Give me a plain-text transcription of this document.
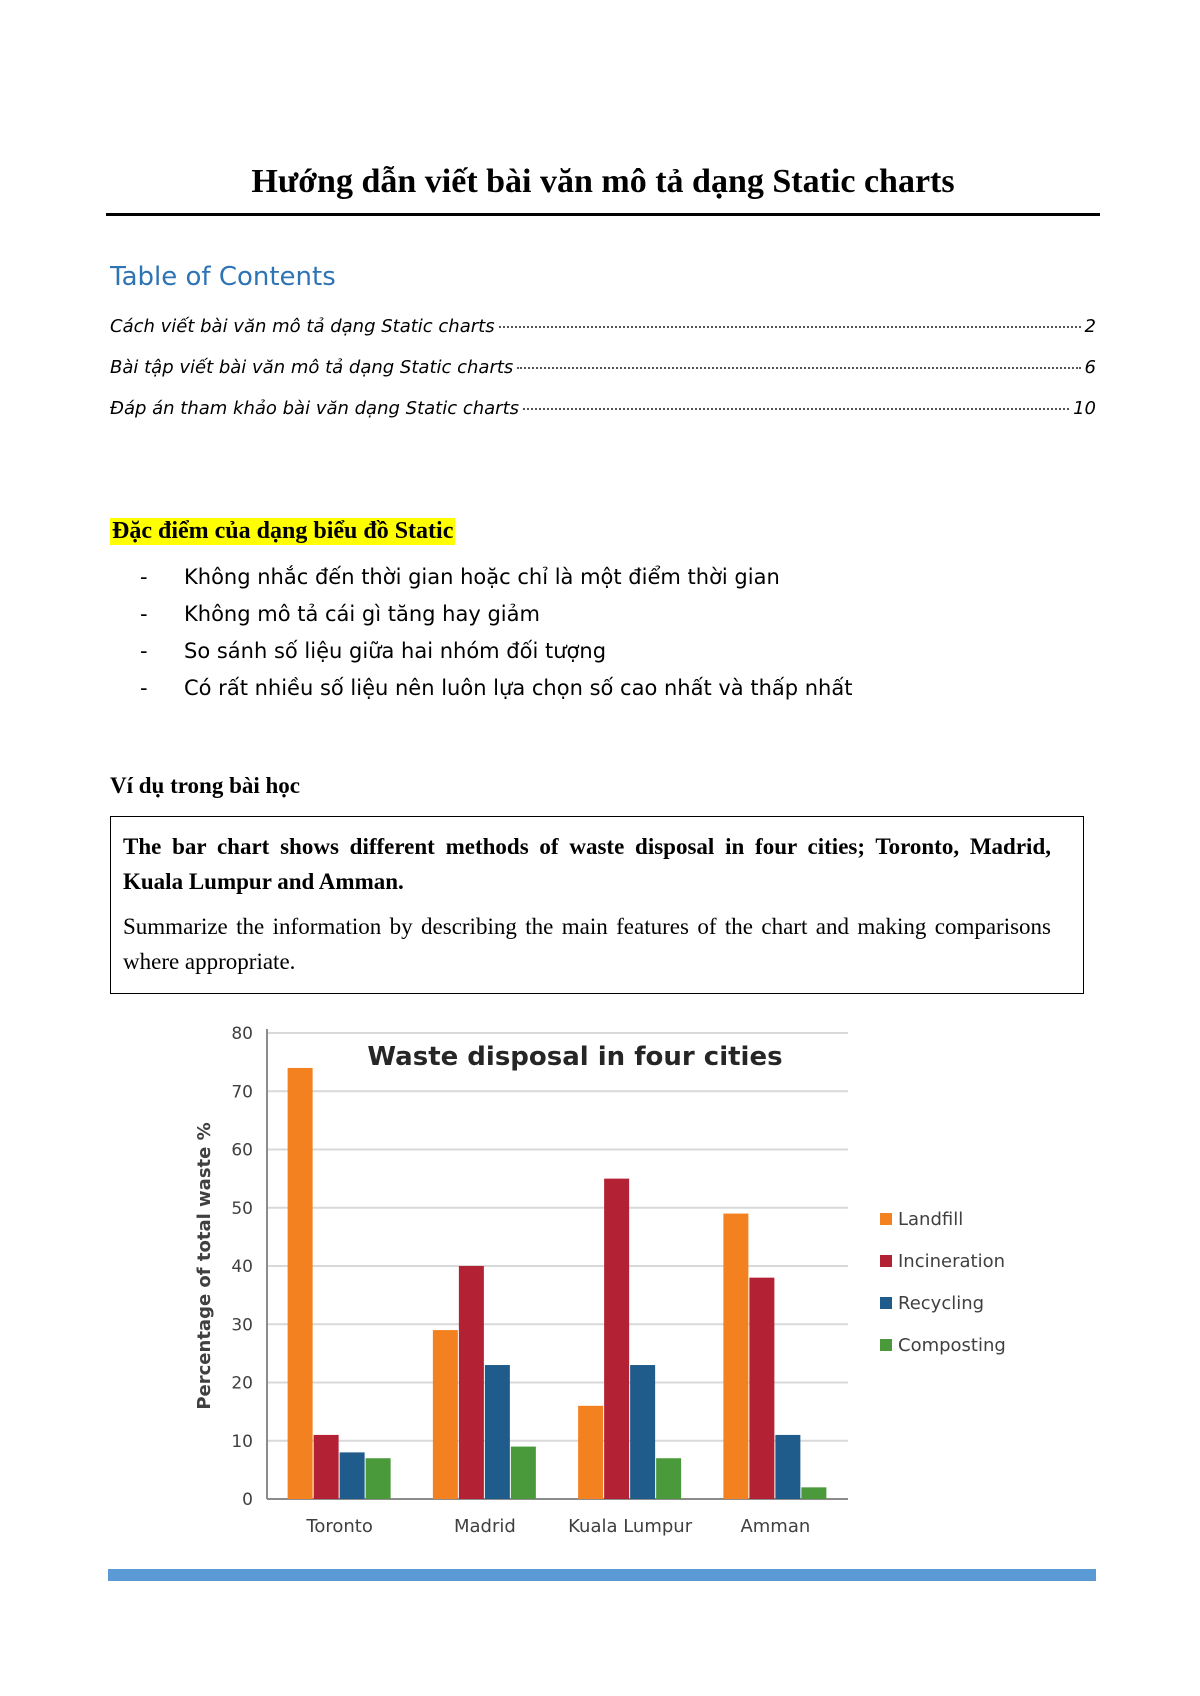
Hướng dẫn viết bài văn mô tả dạng Static charts
Table of Contents
Cách viết bài văn mô tả dạng Static charts	2
Bài tập viết bài văn mô tả dạng Static charts	6
Đáp án tham khảo bài văn dạng Static charts	10
Đặc điểm của dạng biểu đồ Static
-	Không nhắc đến thời gian hoặc chỉ là một điểm thời gian
-	Không mô tả cái gì tăng hay giảm
-	So sánh số liệu giữa hai nhóm đối tượng
-	Có rất nhiều số liệu nên luôn lựa chọn số cao nhất và thấp nhất
Ví dụ trong bài học

The bar chart shows different methods of waste disposal in four cities; Toronto, Madrid, Kuala Lumpur and Amman.

Summarize the information by describing the main features of the chart and making comparisons where appropriate.

0
10
20
30
40
50
60
70
80
Toronto	Madrid	Kuala Lumpur	Amman
Waste disposal in four cities
Percentage of total waste %	Landfill
Incineration
Recycling
Composting
